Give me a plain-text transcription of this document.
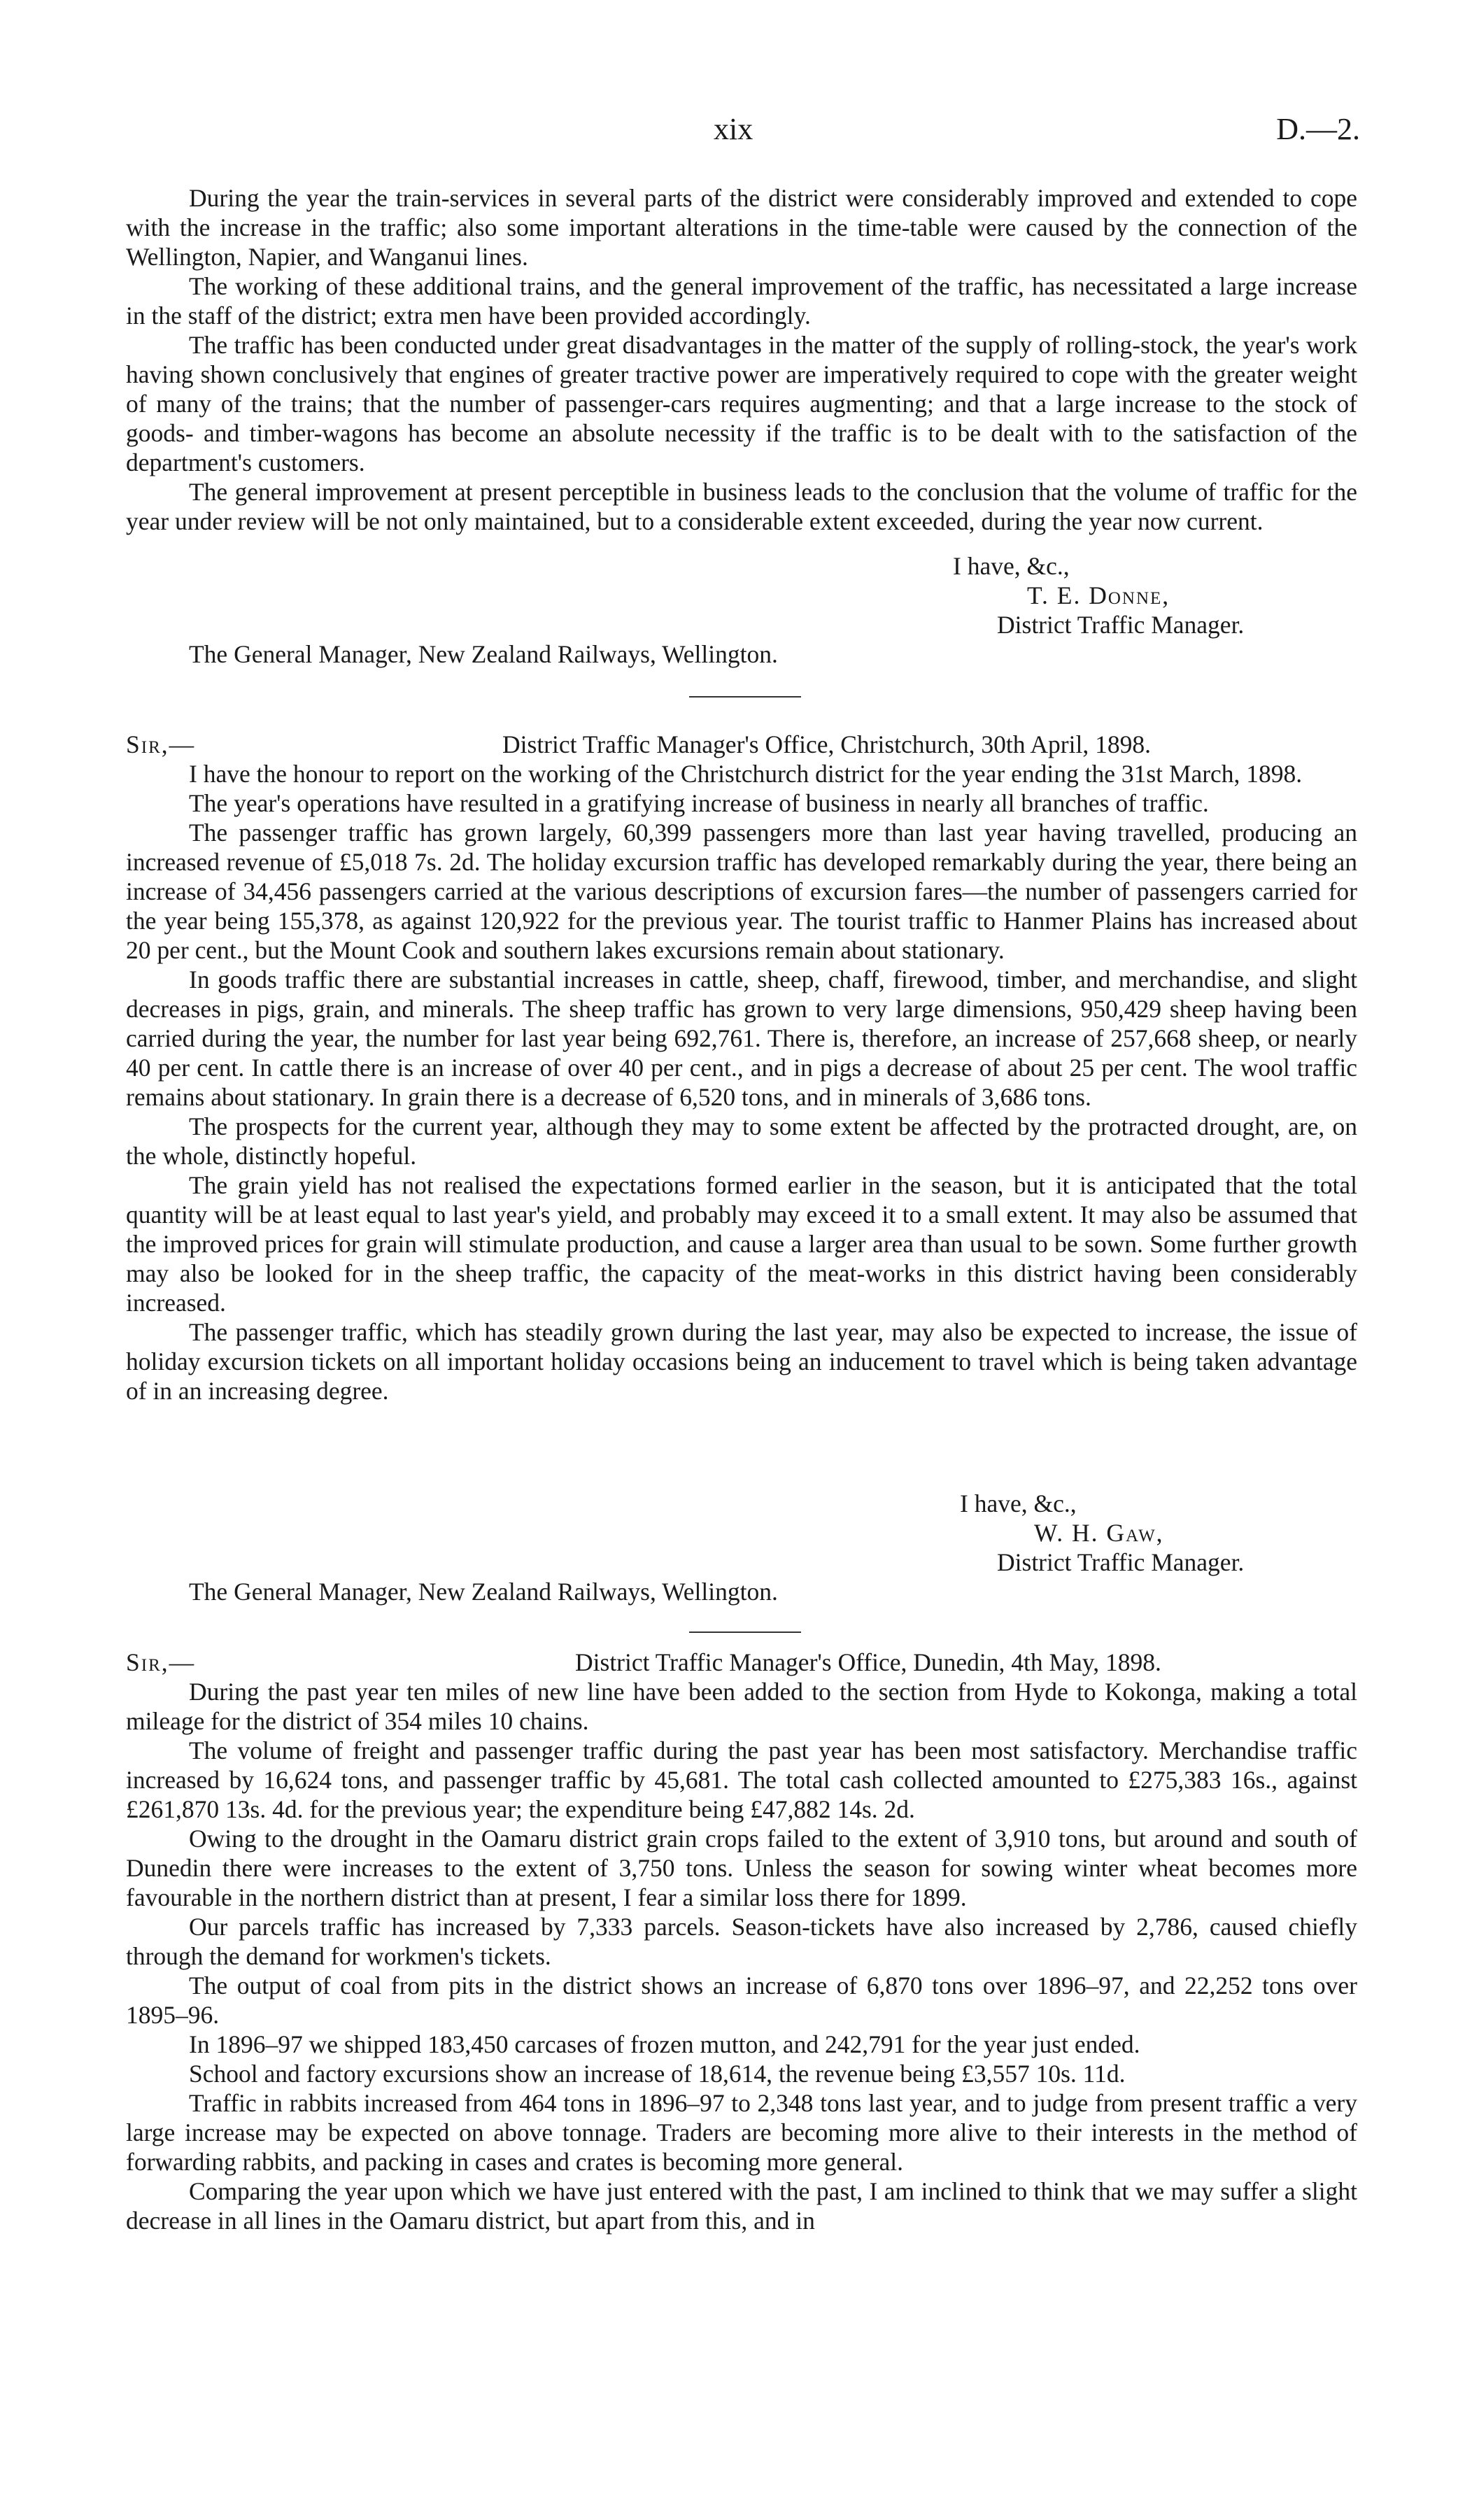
xix	D.—2.

During the year the train-services in several parts of the district were considerably improved and extended to cope with the increase in the traffic; also some important alterations in the time-table were caused by the connection of the Wellington, Napier, and Wanganui lines.

The working of these additional trains, and the general improvement of the traffic, has necessitated a large increase in the staff of the district; extra men have been provided accordingly.

The traffic has been conducted under great disadvantages in the matter of the supply of rolling-stock, the year's work having shown conclusively that engines of greater tractive power are imperatively required to cope with the greater weight of many of the trains; that the number of passenger-cars requires augmenting; and that a large increase to the stock of goods- and timber-wagons has become an absolute necessity if the traffic is to be dealt with to the satisfaction of the department's customers.

The general improvement at present perceptible in business leads to the conclusion that the volume of traffic for the year under review will be not only maintained, but to a considerable extent exceeded, during the year now current.

I have, &c.,
T. E. Donne,
District Traffic Manager.
The General Manager, New Zealand Railways, Wellington.
Sir,—	District Traffic Manager's Office, Christchurch, 30th April, 1898.

I have the honour to report on the working of the Christchurch district for the year ending the 31st March, 1898.

The year's operations have resulted in a gratifying increase of business in nearly all branches of traffic.

The passenger traffic has grown largely, 60,399 passengers more than last year having travelled, producing an increased revenue of £5,018 7s. 2d. The holiday excursion traffic has developed remarkably during the year, there being an increase of 34,456 passengers carried at the various descriptions of excursion fares—the number of passengers carried for the year being 155,378, as against 120,922 for the previous year. The tourist traffic to Hanmer Plains has increased about 20 per cent., but the Mount Cook and southern lakes excursions remain about stationary.

In goods traffic there are substantial increases in cattle, sheep, chaff, firewood, timber, and merchandise, and slight decreases in pigs, grain, and minerals. The sheep traffic has grown to very large dimensions, 950,429 sheep having been carried during the year, the number for last year being 692,761. There is, therefore, an increase of 257,668 sheep, or nearly 40 per cent. In cattle there is an increase of over 40 per cent., and in pigs a decrease of about 25 per cent. The wool traffic remains about stationary. In grain there is a decrease of 6,520 tons, and in minerals of 3,686 tons.

The prospects for the current year, although they may to some extent be affected by the protracted drought, are, on the whole, distinctly hopeful.

The grain yield has not realised the expectations formed earlier in the season, but it is anticipated that the total quantity will be at least equal to last year's yield, and probably may exceed it to a small extent. It may also be assumed that the improved prices for grain will stimulate production, and cause a larger area than usual to be sown. Some further growth may also be looked for in the sheep traffic, the capacity of the meat-works in this district having been considerably increased.

The passenger traffic, which has steadily grown during the last year, may also be expected to increase, the issue of holiday excursion tickets on all important holiday occasions being an inducement to travel which is being taken advantage of in an increasing degree.

I have, &c.,
W. H. Gaw,
District Traffic Manager.
The General Manager, New Zealand Railways, Wellington.
Sir,—	District Traffic Manager's Office, Dunedin, 4th May, 1898.

During the past year ten miles of new line have been added to the section from Hyde to Kokonga, making a total mileage for the district of 354 miles 10 chains.

The volume of freight and passenger traffic during the past year has been most satisfactory. Merchandise traffic increased by 16,624 tons, and passenger traffic by 45,681. The total cash collected amounted to £275,383 16s., against £261,870 13s. 4d. for the previous year; the expenditure being £47,882 14s. 2d.

Owing to the drought in the Oamaru district grain crops failed to the extent of 3,910 tons, but around and south of Dunedin there were increases to the extent of 3,750 tons. Unless the season for sowing winter wheat becomes more favourable in the northern district than at present, I fear a similar loss there for 1899.

Our parcels traffic has increased by 7,333 parcels. Season-tickets have also increased by 2,786, caused chiefly through the demand for workmen's tickets.

The output of coal from pits in the district shows an increase of 6,870 tons over 1896–97, and 22,252 tons over 1895–96.

In 1896–97 we shipped 183,450 carcases of frozen mutton, and 242,791 for the year just ended.

School and factory excursions show an increase of 18,614, the revenue being £3,557 10s. 11d.

Traffic in rabbits increased from 464 tons in 1896–97 to 2,348 tons last year, and to judge from present traffic a very large increase may be expected on above tonnage. Traders are becoming more alive to their interests in the method of forwarding rabbits, and packing in cases and crates is becoming more general.

Comparing the year upon which we have just entered with the past, I am inclined to think that we may suffer a slight decrease in all lines in the Oamaru district, but apart from this, and in
